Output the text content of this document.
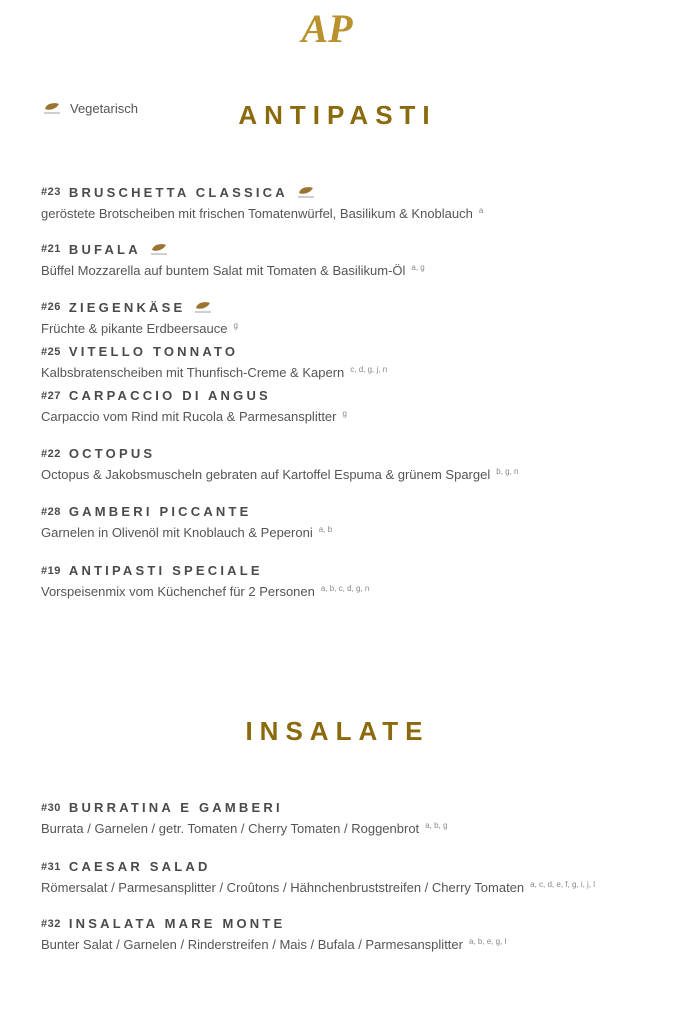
AP
Vegetarisch	ANTIPASTI
INSALATE
#23 BRUSCHETTA CLASSICA
geröstete Brotscheiben mit frischen Tomatenwürfel, Basilikum & Knoblauch $^a$
#21 BUFALA
Büffel Mozzarella auf buntem Salat mit Tomaten & Basilikum-Öl $^{a, g}$
#26 ZIEGENKÄSE
Früchte & pikante Erdbeersauce $^g$
#25 VITELLO TONNATO
Kalbsbratenscheiben mit Thunfisch-Creme & Kapern $^{c, d, g, j, n}$
#27 CARPACCIO DI ANGUS
Carpaccio vom Rind mit Rucola & Parmesansplitter $^g$
#22 OCTOPUS
Octopus & Jakobsmuscheln gebraten auf Kartoffel Espuma & grünem Spargel $^{b, g, n}$
#28 GAMBERI PICCANTE
Garnelen in Olivenöl mit Knoblauch & Peperoni $^{a, b}$
#19 ANTIPASTI SPECIALE
Vorspeisenmix vom Küchenchef für 2 Personen $^{a, b, c, d, g, n}$
#30 BURRATINA E GAMBERI
Burrata / Garnelen / getr. Tomaten / Cherry Tomaten / Roggenbrot $^{a, b, g}$
#31 CAESAR SALAD
Römersalat / Parmesansplitter / Croûtons / Hähnchenbruststreifen / Cherry Tomaten $^{a, c, d, e, f, g, i, j, l}$
#32 INSALATA MARE MONTE
Bunter Salat / Garnelen / Rinderstreifen / Mais / Bufala / Parmesansplitter $^{a, b, e, g, l}$
